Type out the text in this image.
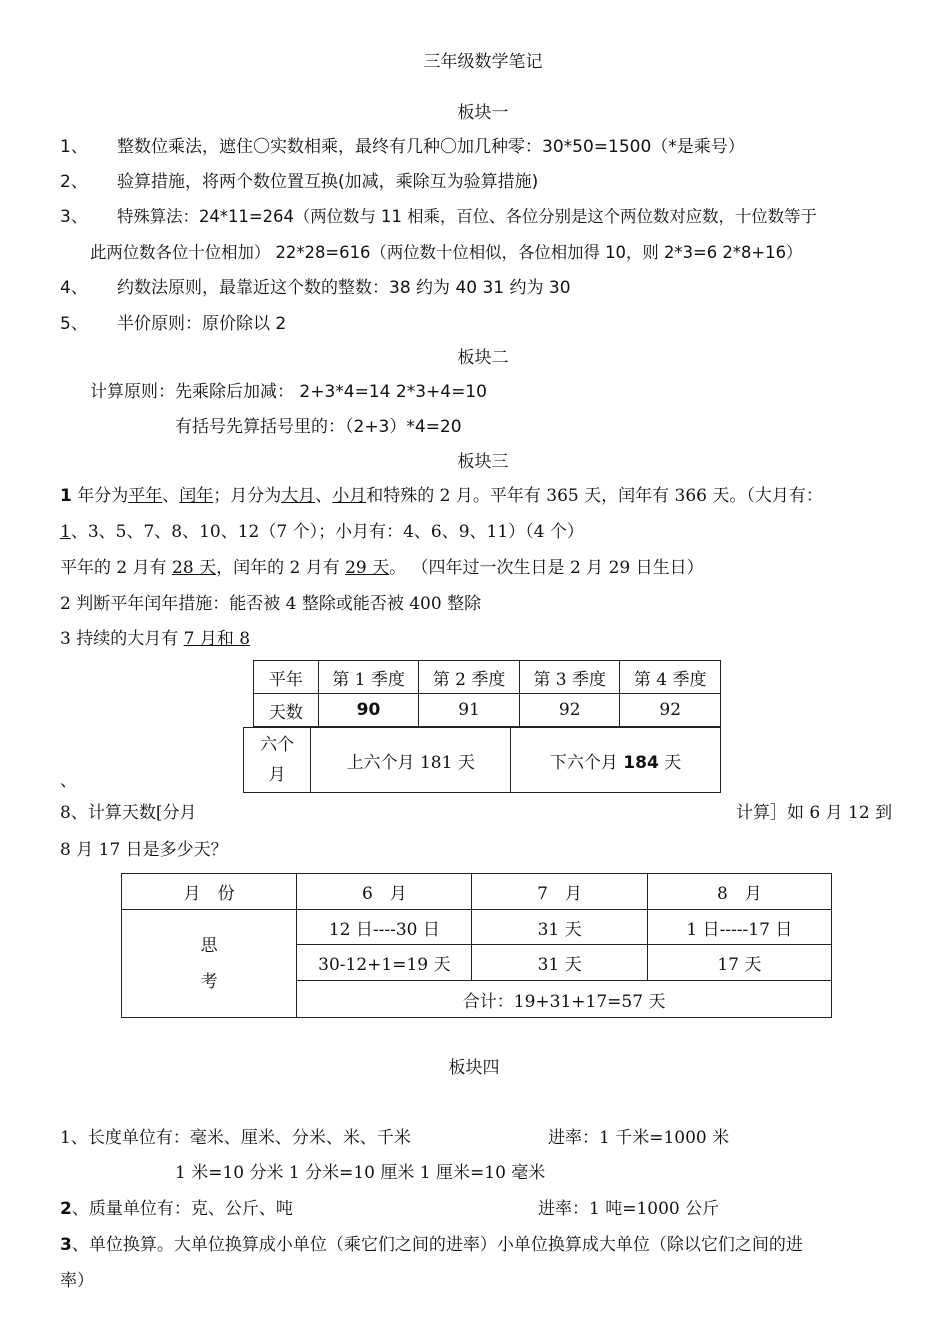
三年级数学笔记
板块一
1、 整数位乘法，遮住〇实数相乘，最终有几种〇加几种零：30*50=1500（*是乘号）
2、 验算措施，将两个数位置互换(加减，乘除互为验算措施)
3、 特殊算法：24*11=264（两位数与 11 相乘，百位、各位分别是这个两位数对应数，十位数等于
此两位数各位十位相加） 22*28=616（两位数十位相似，各位相加得 10，则 2*3=6 2*8+16）
4、 约数法原则，最靠近这个数的整数：38 约为 40 31 约为 30
5、 半价原则：原价除以 2
板块二
计算原则：先乘除后加减： 2+3*4=14 2*3+4=10
有括号先算括号里的：（2+3）*4=20
板块三
1 年分为平年、闰年；月分为大月、小月和特殊的 2 月。平年有 365 天，闰年有 366 天。（大月有：
1、3、5、7、8、10、12（7 个）；小月有：4、6、9、11）（4 个）
平年的 2 月有 28 天，闰年的 2 月有 29 天。 （四年过一次生日是 2 月 29 日生日）
2 判断平年闰年措施：能否被 4 整除或能否被 400 整除
3 持续的大月有 7 月和 8
平年	第 1 季度	第 2 季度	第 3 季度	第 4 季度
天数	90	91	92	92
六个月
	上六个月 181 天	下六个月 184 天
、
8、计算天数[分月	计算］如 6 月 12 到
8 月 17 日是多少天？
月　份	6　月	7　月	8　月

思
考	12 日----30 日	31 天	1 日-----17 日
	30-12+1=19 天	31 天	17 天
	合计：19+31+17=57 天		
板块四
1、长度单位有：毫米、厘米、分米、米、千米	进率：1 千米=1000 米
1 米=10 分米 1 分米=10 厘米 1 厘米=10 毫米
2、质量单位有：克、公斤、吨	进率：1 吨=1000 公斤
3、单位换算。大单位换算成小单位（乘它们之间的进率）小单位换算成大单位（除以它们之间的进
率）
